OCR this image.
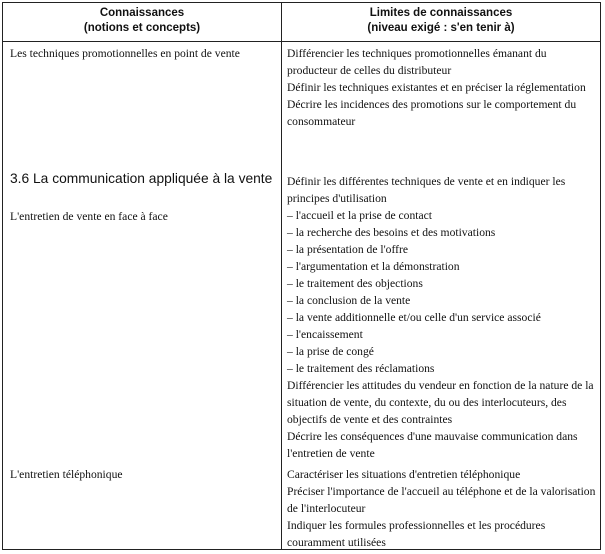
Connaissances
(notions et concepts)
Limites de connaissances
(niveau exigé : s'en tenir à)
Les techniques promotionnelles en point de vente	Différencier les techniques promotionnelles émanant du producteur de celles du distributeur
Définir les techniques existantes et en préciser la réglementation
Décrire les incidences des promotions sur le comportement du consommateur
3.6 La communication appliquée à la vente
L'entretien de vente en face à face
Définir les différentes techniques de vente et en indiquer les principes d'utilisation
– l'accueil et la prise de contact
– la recherche des besoins et des motivations
– la présentation de l'offre
– l'argumentation et la démonstration
– le traitement des objections
– la conclusion de la vente
– la vente additionnelle et/ou celle d'un service associé
– l'encaissement
– la prise de congé
– le traitement des réclamations
Différencier les attitudes du vendeur en fonction de la nature de la situation de vente, du contexte, du ou des interlocuteurs, des objectifs de vente et des contraintes
Décrire les conséquences d'une mauvaise communication dans l'entretien de vente
L'entretien téléphonique	Caractériser les situations d'entretien téléphonique
Préciser l'importance de l'accueil au téléphone et de la valorisation de l'interlocuteur
Indiquer les formules professionnelles et les procédures couramment utilisées
